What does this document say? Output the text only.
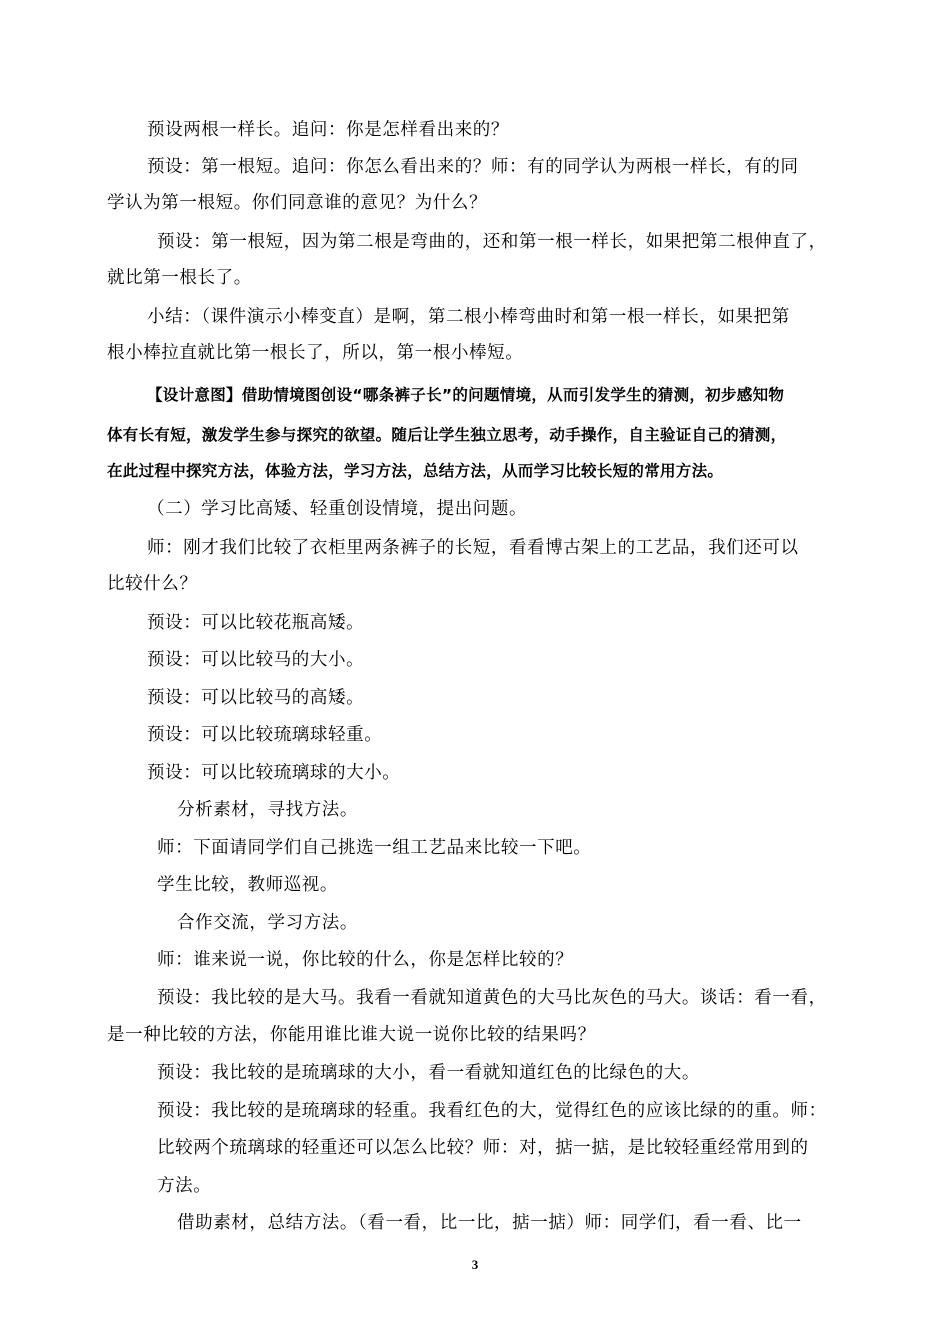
预设两根一样长。追问：你是怎样看出来的？
预设：第一根短。追问：你怎么看出来的？师：有的同学认为两根一样长，有的同
学认为第一根短。你们同意谁的意见？为什么？
预设：第一根短，因为第二根是弯曲的，还和第一根一样长，如果把第二根伸直了，
就比第一根长了。
小结：（课件演示小棒变直）是啊，第二根小棒弯曲时和第一根一样长，如果把第
根小棒拉直就比第一根长了，所以，第一根小棒短。
【设计意图】借助情境图创设“哪条裤子长”的问题情境，从而引发学生的猜测，初步感知物
体有长有短，激发学生参与探究的欲望。随后让学生独立思考，动手操作，自主验证自己的猜测，
在此过程中探究方法，体验方法，学习方法，总结方法，从而学习比较长短的常用方法。
（二）学习比高矮、轻重创设情境，提出问题。
师：刚才我们比较了衣柜里两条裤子的长短，看看博古架上的工艺品，我们还可以
比较什么？
预设：可以比较花瓶高矮。
预设：可以比较马的大小。
预设：可以比较马的高矮。
预设：可以比较琉璃球轻重。
预设：可以比较琉璃球的大小。
分析素材，寻找方法。
师：下面请同学们自己挑选一组工艺品来比较一下吧。
学生比较，教师巡视。
合作交流，学习方法。
师：谁来说一说，你比较的什么，你是怎样比较的？
预设：我比较的是大马。我看一看就知道黄色的大马比灰色的马大。谈话：看一看，
是一种比较的方法，你能用谁比谁大说一说你比较的结果吗？
预设：我比较的是琉璃球的大小，看一看就知道红色的比绿色的大。
预设：我比较的是琉璃球的轻重。我看红色的大，觉得红色的应该比绿的的重。师：
比较两个琉璃球的轻重还可以怎么比较？师：对，掂一掂，是比较轻重经常用到的
方法。
借助素材，总结方法。（看一看，比一比，掂一掂）师：同学们，看一看、比一
3
